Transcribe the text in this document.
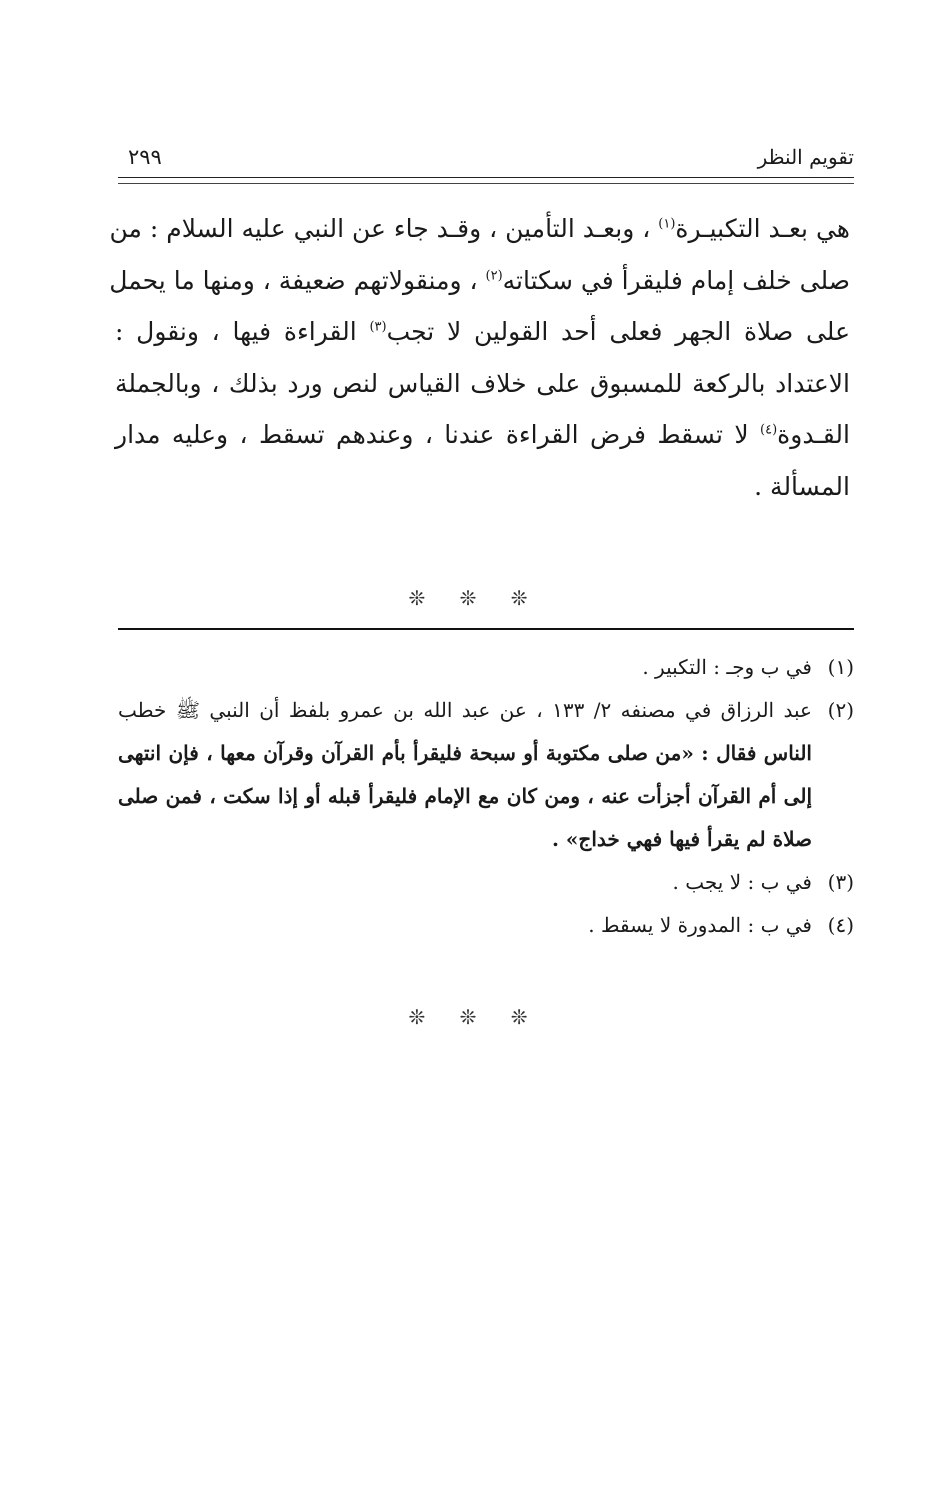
تقويم النظر
٢٩٩

هي بعـد التكبيـرة$^{(١)}$ ، وبعـد التأمين ، وقـد جاء عن النبي عليه السلام : من

صلى خلف إمام فليقرأ في سكتاته$^{(٢)}$ ، ومنقولاتهم ضعيفة ، ومنها ما يحمل

على صلاة الجهر فعلى أحد القولين لا تجب$^{(٣)}$ القراءة فيها ، ونقول :

الاعتداد بالركعة للمسبوق على خلاف القياس لنص ورد بذلك ، وبالجملة

القـدوة$^{(٤)}$ لا تسقط فرض القراءة عندنا ، وعندهم تسقط ، وعليه مدار

المسألة .

❊ ❊ ❊
(١)
في ب وجـ : التكبير .
(٢)
عبد الرزاق في مصنفه ٢/ ١٣٣ ، عن عبد الله بن عمرو بلفظ أن النبي ﷺ خطب
الناس فقال : «من صلى مكتوبة أو سبحة فليقرأ بأم القرآن وقرآن معها ، فإن انتهى
إلى أم القرآن أجزأت عنه ، ومن كان مع الإمام فليقرأ قبله أو إذا سكت ، فمن صلى
صلاة لم يقرأ فيها فهي خداج» .
(٣)
في ب : لا يجب .
(٤)
في ب : المدورة لا يسقط .
❊ ❊ ❊
